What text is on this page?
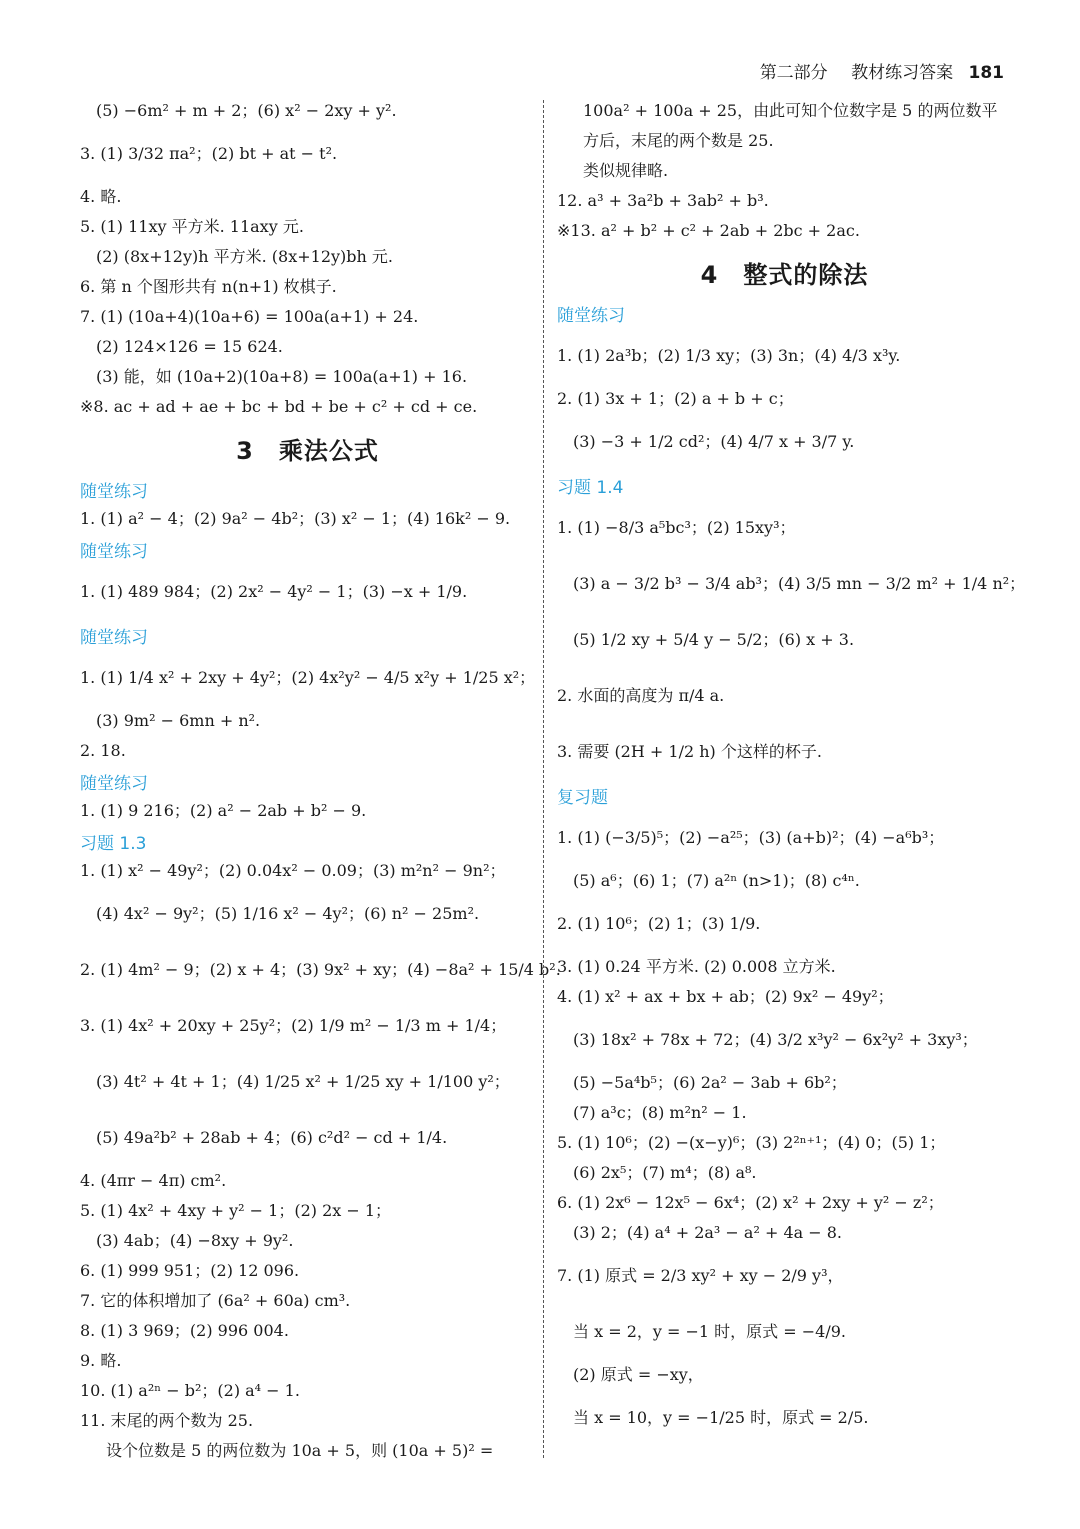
第二部分 教材练习答案 181
(5) −6m² + m + 2；(6) x² − 2xy + y².
3. (1) 3/32 πa²；(2) bt + at − t².
4. 略.
5. (1) 11xy 平方米. 11axy 元.
(2) (8x+12y)h 平方米. (8x+12y)bh 元.
6. 第 n 个图形共有 n(n+1) 枚棋子.
7. (1) (10a+4)(10a+6) = 100a(a+1) + 24.
(2) 124×126 = 15 624.
(3) 能，如 (10a+2)(10a+8) = 100a(a+1) + 16.
※8. ac + ad + ae + bc + bd + be + c² + cd + ce.
3　乘法公式
随堂练习
1. (1) a² − 4；(2) 9a² − 4b²；(3) x² − 1；(4) 16k² − 9.
随堂练习
1. (1) 489 984；(2) 2x² − 4y² − 1；(3) −x + 1/9.
随堂练习
1. (1) 1/4 x² + 2xy + 4y²；(2) 4x²y² − 4/5 x²y + 1/25 x²；
(3) 9m² − 6mn + n².
2. 18.
随堂练习
1. (1) 9 216；(2) a² − 2ab + b² − 9.
习题 1.3
1. (1) x² − 49y²；(2) 0.04x² − 0.09；(3) m²n² − 9n²；
(4) 4x² − 9y²；(5) 1/16 x² − 4y²；(6) n² − 25m².
2. (1) 4m² − 9；(2) x + 4；(3) 9x² + xy；(4) −8a² + 15/4 b².
3. (1) 4x² + 20xy + 25y²；(2) 1/9 m² − 1/3 m + 1/4；
(3) 4t² + 4t + 1；(4) 1/25 x² + 1/25 xy + 1/100 y²；
(5) 49a²b² + 28ab + 4；(6) c²d² − cd + 1/4.
4. (4πr − 4π) cm².
5. (1) 4x² + 4xy + y² − 1；(2) 2x − 1；
(3) 4ab；(4) −8xy + 9y².
6. (1) 999 951；(2) 12 096.
7. 它的体积增加了 (6a² + 60a) cm³.
8. (1) 3 969；(2) 996 004.
9. 略.
10. (1) a²ⁿ − b²；(2) a⁴ − 1.
11. 末尾的两个数为 25.
设个位数是 5 的两位数为 10a + 5，则 (10a + 5)² =
100a² + 100a + 25，由此可知个位数字是 5 的两位数平
方后，末尾的两个数是 25.
类似规律略.
12. a³ + 3a²b + 3ab² + b³.
※13. a² + b² + c² + 2ab + 2bc + 2ac.
4　整式的除法
随堂练习
1. (1) 2a³b；(2) 1/3 xy；(3) 3n；(4) 4/3 x³y.
2. (1) 3x + 1；(2) a + b + c；
(3) −3 + 1/2 cd²；(4) 4/7 x + 3/7 y.
习题 1.4
1. (1) −8/3 a⁵bc³；(2) 15xy³；
(3) a − 3/2 b³ − 3/4 ab³；(4) 3/5 mn − 3/2 m² + 1/4 n²；
(5) 1/2 xy + 5/4 y − 5/2；(6) x + 3.
2. 水面的高度为 π/4 a.
3. 需要 (2H + 1/2 h) 个这样的杯子.
复习题
1. (1) (−3/5)⁵；(2) −a²⁵；(3) (a+b)²；(4) −a⁶b³；
(5) a⁶；(6) 1；(7) a²ⁿ (n>1)；(8) c⁴ⁿ.
2. (1) 10⁶；(2) 1；(3) 1/9.
3. (1) 0.24 平方米. (2) 0.008 立方米.
4. (1) x² + ax + bx + ab；(2) 9x² − 49y²；
(3) 18x² + 78x + 72；(4) 3/2 x³y² − 6x²y² + 3xy³；
(5) −5a⁴b⁵；(6) 2a² − 3ab + 6b²；
(7) a³c；(8) m²n² − 1.
5. (1) 10⁶；(2) −(x−y)⁶；(3) 2²ⁿ⁺¹；(4) 0；(5) 1；
(6) 2x⁵；(7) m⁴；(8) a⁸.
6. (1) 2x⁶ − 12x⁵ − 6x⁴；(2) x² + 2xy + y² − z²；
(3) 2；(4) a⁴ + 2a³ − a² + 4a − 8.
7. (1) 原式 = 2/3 xy² + xy − 2/9 y³，
当 x = 2，y = −1 时，原式 = −4/9.
(2) 原式 = −xy，
当 x = 10，y = −1/25 时，原式 = 2/5.
